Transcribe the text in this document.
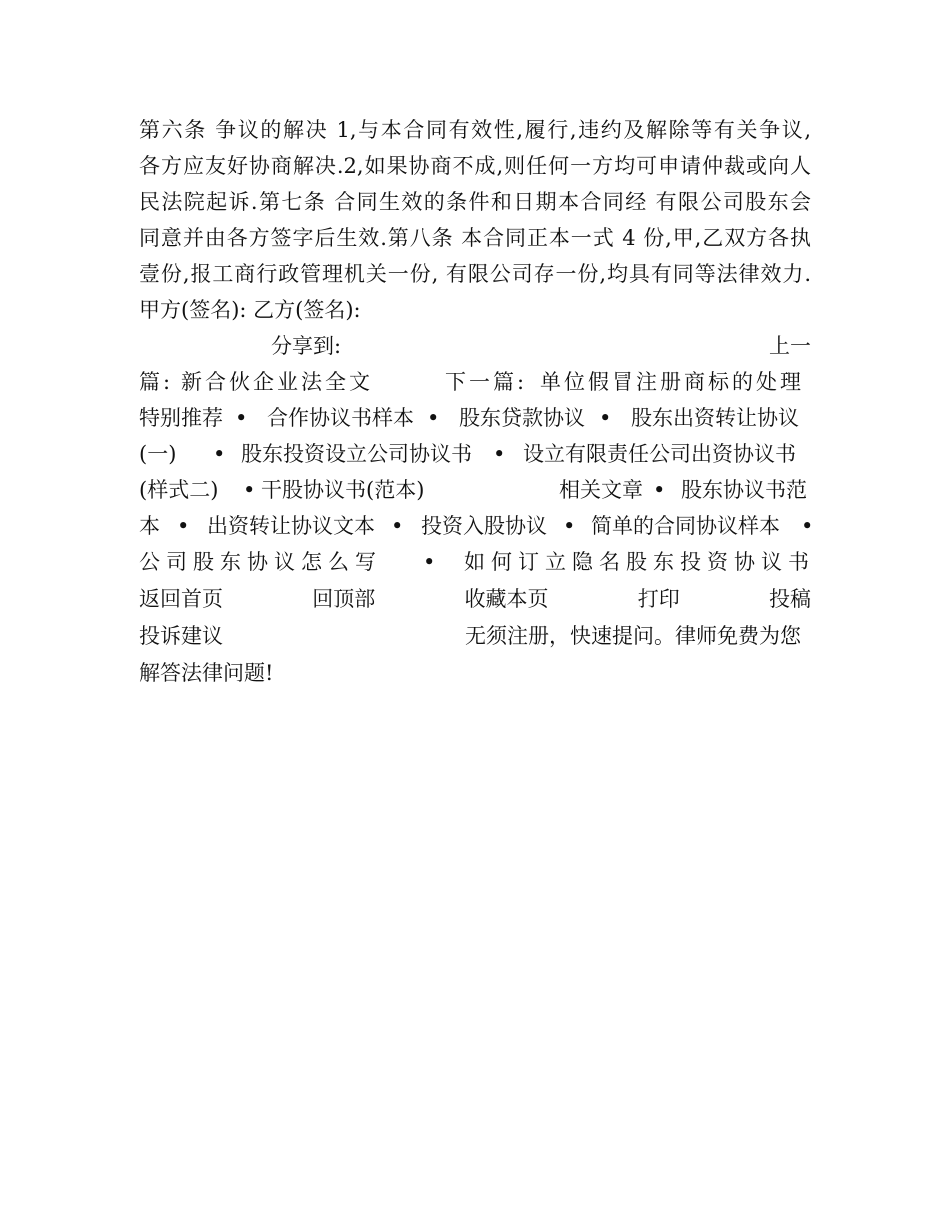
第六条 争议的解决 1,与本合同有效性,履行,违约及解除等有关争议,
各方应友好协商解决.2,如果协商不成,则任何一方均可申请仲裁或向人
民法院起诉.第七条 合同生效的条件和日期本合同经 有限公司股东会
同意并由各方签字后生效.第八条 本合同正本一式 4 份,甲,乙双方各执
壹份,报工商行政管理机关一份, 有限公司存一份,均具有同等法律效力.
甲方(签名): 乙方(签名):
分享到:	上一
篇: 新合伙企业法全文	下一篇: 单位假冒注册商标的处理
特别推荐 • 合作协议书样本 • 股东贷款协议 • 股东出资转让协议
(一) • 股东投资设立公司协议书 • 设立有限责任公司出资协议书
(样式二) • 干股协议书(范本)	相关文章 • 股东协议书范
本 • 出资转让协议文本 • 投资入股协议 • 简单的合同协议样本 •
公司股东协议怎么写 • 如何订立隐名股东投资协议书
返回首页	回顶部	收藏本页	打印	投稿
投诉建议	无须注册，快速提问。律师免费为您
解答法律问题!
